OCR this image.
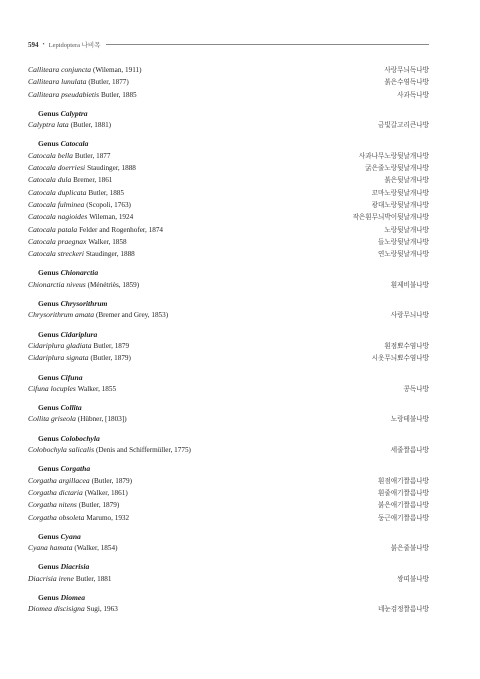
594 • Lepidoptera 나비목
Calliteara conjuncta (Wileman, 1911)	사랑무늬독나방
Calliteara lunulata (Butler, 1877)	붉은수염독나방
Calliteara pseudabietis Butler, 1885	사과독나방
Genus Calyptra
Calyptra lata (Butler, 1881)	금빛갈고리큰나방
Genus Catocala
Catocala bella Butler, 1877	사과나무노랑뒷날개나방
Catocala doerriesi Staudinger, 1888	굵은줄노랑뒷날개나방
Catocala dula Bremer, 1861	붉은뒷날개나방
Catocala duplicata Butler, 1885	꼬마노랑뒷날개나방
Catocala fulminea (Scopoli, 1763)	광대노랑뒷날개나방
Catocala nagioides Wileman, 1924	작은흰무늬박이뒷날개나방
Catocala patala Felder and Rogenhofer, 1874	노랑뒷날개나방
Catocala praegnax Walker, 1858	들노랑뒷날개나방
Catocala streckeri Staudinger, 1888	연노랑뒷날개나방
Genus Chionarctia
Chionarctia niveus (Ménétriès, 1859)	흰제비불나방
Genus Chrysorithrum
Chrysorithrum amata (Bremer and Grey, 1853)	사랑무늬나방
Genus Cidariplura
Cidariplura gladiata Butler, 1879	흰점뾰수염나방
Cidariplura signata (Butler, 1879)	시옷무늬뾰수염나방
Genus Cifuna
Cifuna locuples Walker, 1855	콩독나방
Genus Collita
Collita griseola (Hübner, [1803])	노랑테불나방
Genus Colobochyla
Colobochyla salicalis (Denis and Schiffermüller, 1775)	세줄짤름나방
Genus Corgatha
Corgatha argillacea (Butler, 1879)	흰점애기짤름나방
Corgatha dictaria (Walker, 1861)	흰줄애기짤름나방
Corgatha nitens (Butler, 1879)	붉은애기짤름나방
Corgatha obsoleta Marumo, 1932	둥근애기짤름나방
Genus Cyana
Cyana hamata (Walker, 1854)	붉은줄불나방
Genus Diacrisia
Diacrisia irene Butler, 1881	쌍띠불나방
Genus Diomea
Diomea discisigna Sugi, 1963	네눈검정짤름나방
